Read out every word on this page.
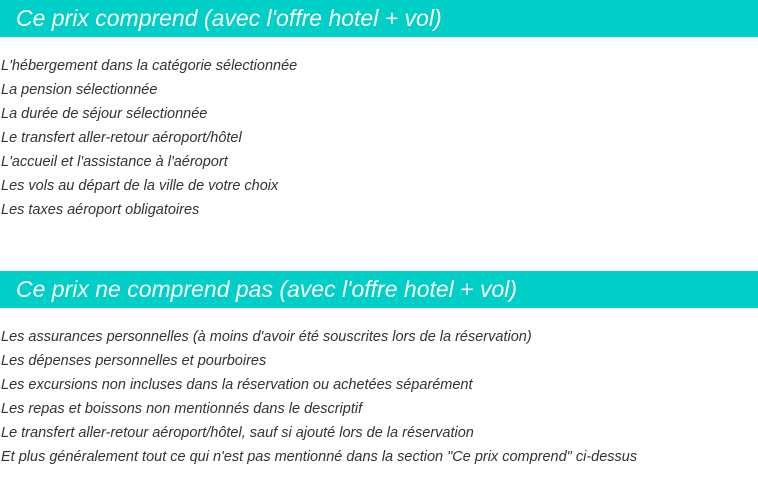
Ce prix comprend (avec l'offre hotel + vol)
L'hébergement dans la catégorie sélectionnée
La pension sélectionnée
La durée de séjour sélectionnée
Le transfert aller-retour aéroport/hôtel
L'accueil et l'assistance à l'aéroport
Les vols au départ de la ville de votre choix
Les taxes aéroport obligatoires
Ce prix ne comprend pas (avec l'offre hotel + vol)
Les assurances personnelles (à moins d'avoir été souscrites lors de la réservation)
Les dépenses personnelles et pourboires
Les excursions non incluses dans la réservation ou achetées séparément
Les repas et boissons non mentionnés dans le descriptif
Le transfert aller-retour aéroport/hôtel, sauf si ajouté lors de la réservation
Et plus généralement tout ce qui n'est pas mentionné dans la section "Ce prix comprend" ci-dessus
